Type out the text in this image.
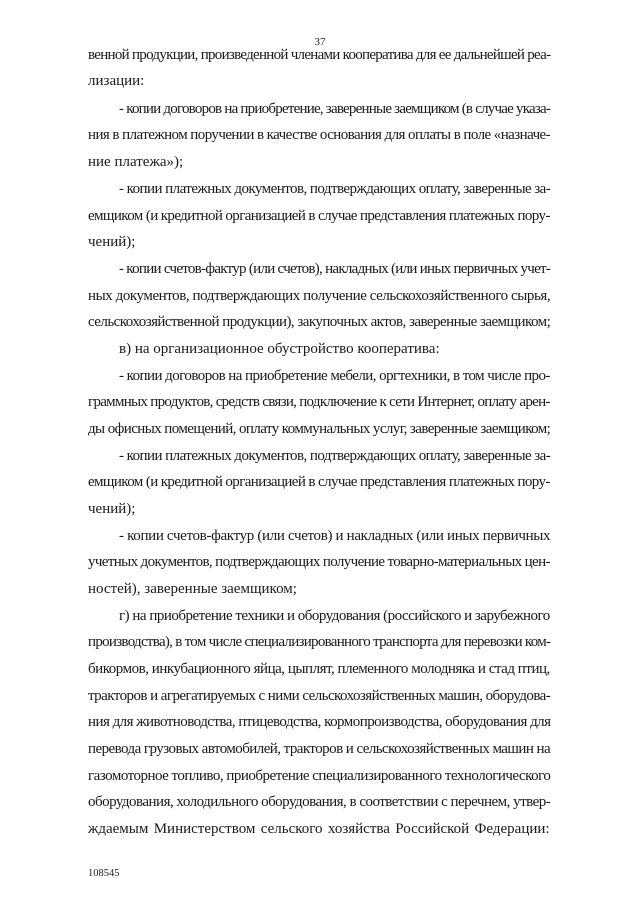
37
венной продукции, произведенной членами кооператива для ее дальнейшей реа-
лизации:
- копии договоров на приобретение, заверенные заемщиком (в случае указа-
ния в платежном поручении в качестве основания для оплаты в поле «назначе-
ние платежа»);
- копии платежных документов, подтверждающих оплату, заверенные за-
емщиком (и кредитной организацией в случае представления платежных пору-
чений);
- копии счетов-фактур (или счетов), накладных (или иных первичных учет-
ных документов, подтверждающих получение сельскохозяйственного сырья,
сельскохозяйственной продукции), закупочных актов, заверенные заемщиком;
в) на организационное обустройство кооператива:
- копии договоров на приобретение мебели, оргтехники, в том числе про-
граммных продуктов, средств связи, подключение к сети Интернет, оплату арен-
ды офисных помещений, оплату коммунальных услуг, заверенные заемщиком;
- копии платежных документов, подтверждающих оплату, заверенные за-
емщиком (и кредитной организацией в случае представления платежных пору-
чений);
- копии счетов-фактур (или счетов) и накладных (или иных первичных
учетных документов, подтверждающих получение товарно-материальных цен-
ностей), заверенные заемщиком;
г) на приобретение техники и оборудования (российского и зарубежного
производства), в том числе специализированного транспорта для перевозки ком-
бикормов, инкубационного яйца, цыплят, племенного молодняка и стад птиц,
тракторов и агрегатируемых с ними сельскохозяйственных машин, оборудова-
ния для животноводства, птицеводства, кормопроизводства, оборудования для
перевода грузовых автомобилей, тракторов и сельскохозяйственных машин на
газомоторное топливо, приобретение специализированного технологического
оборудования, холодильного оборудования, в соответствии с перечнем, утвер-
ждаемым Министерством сельского хозяйства Российской Федерации:
108545
